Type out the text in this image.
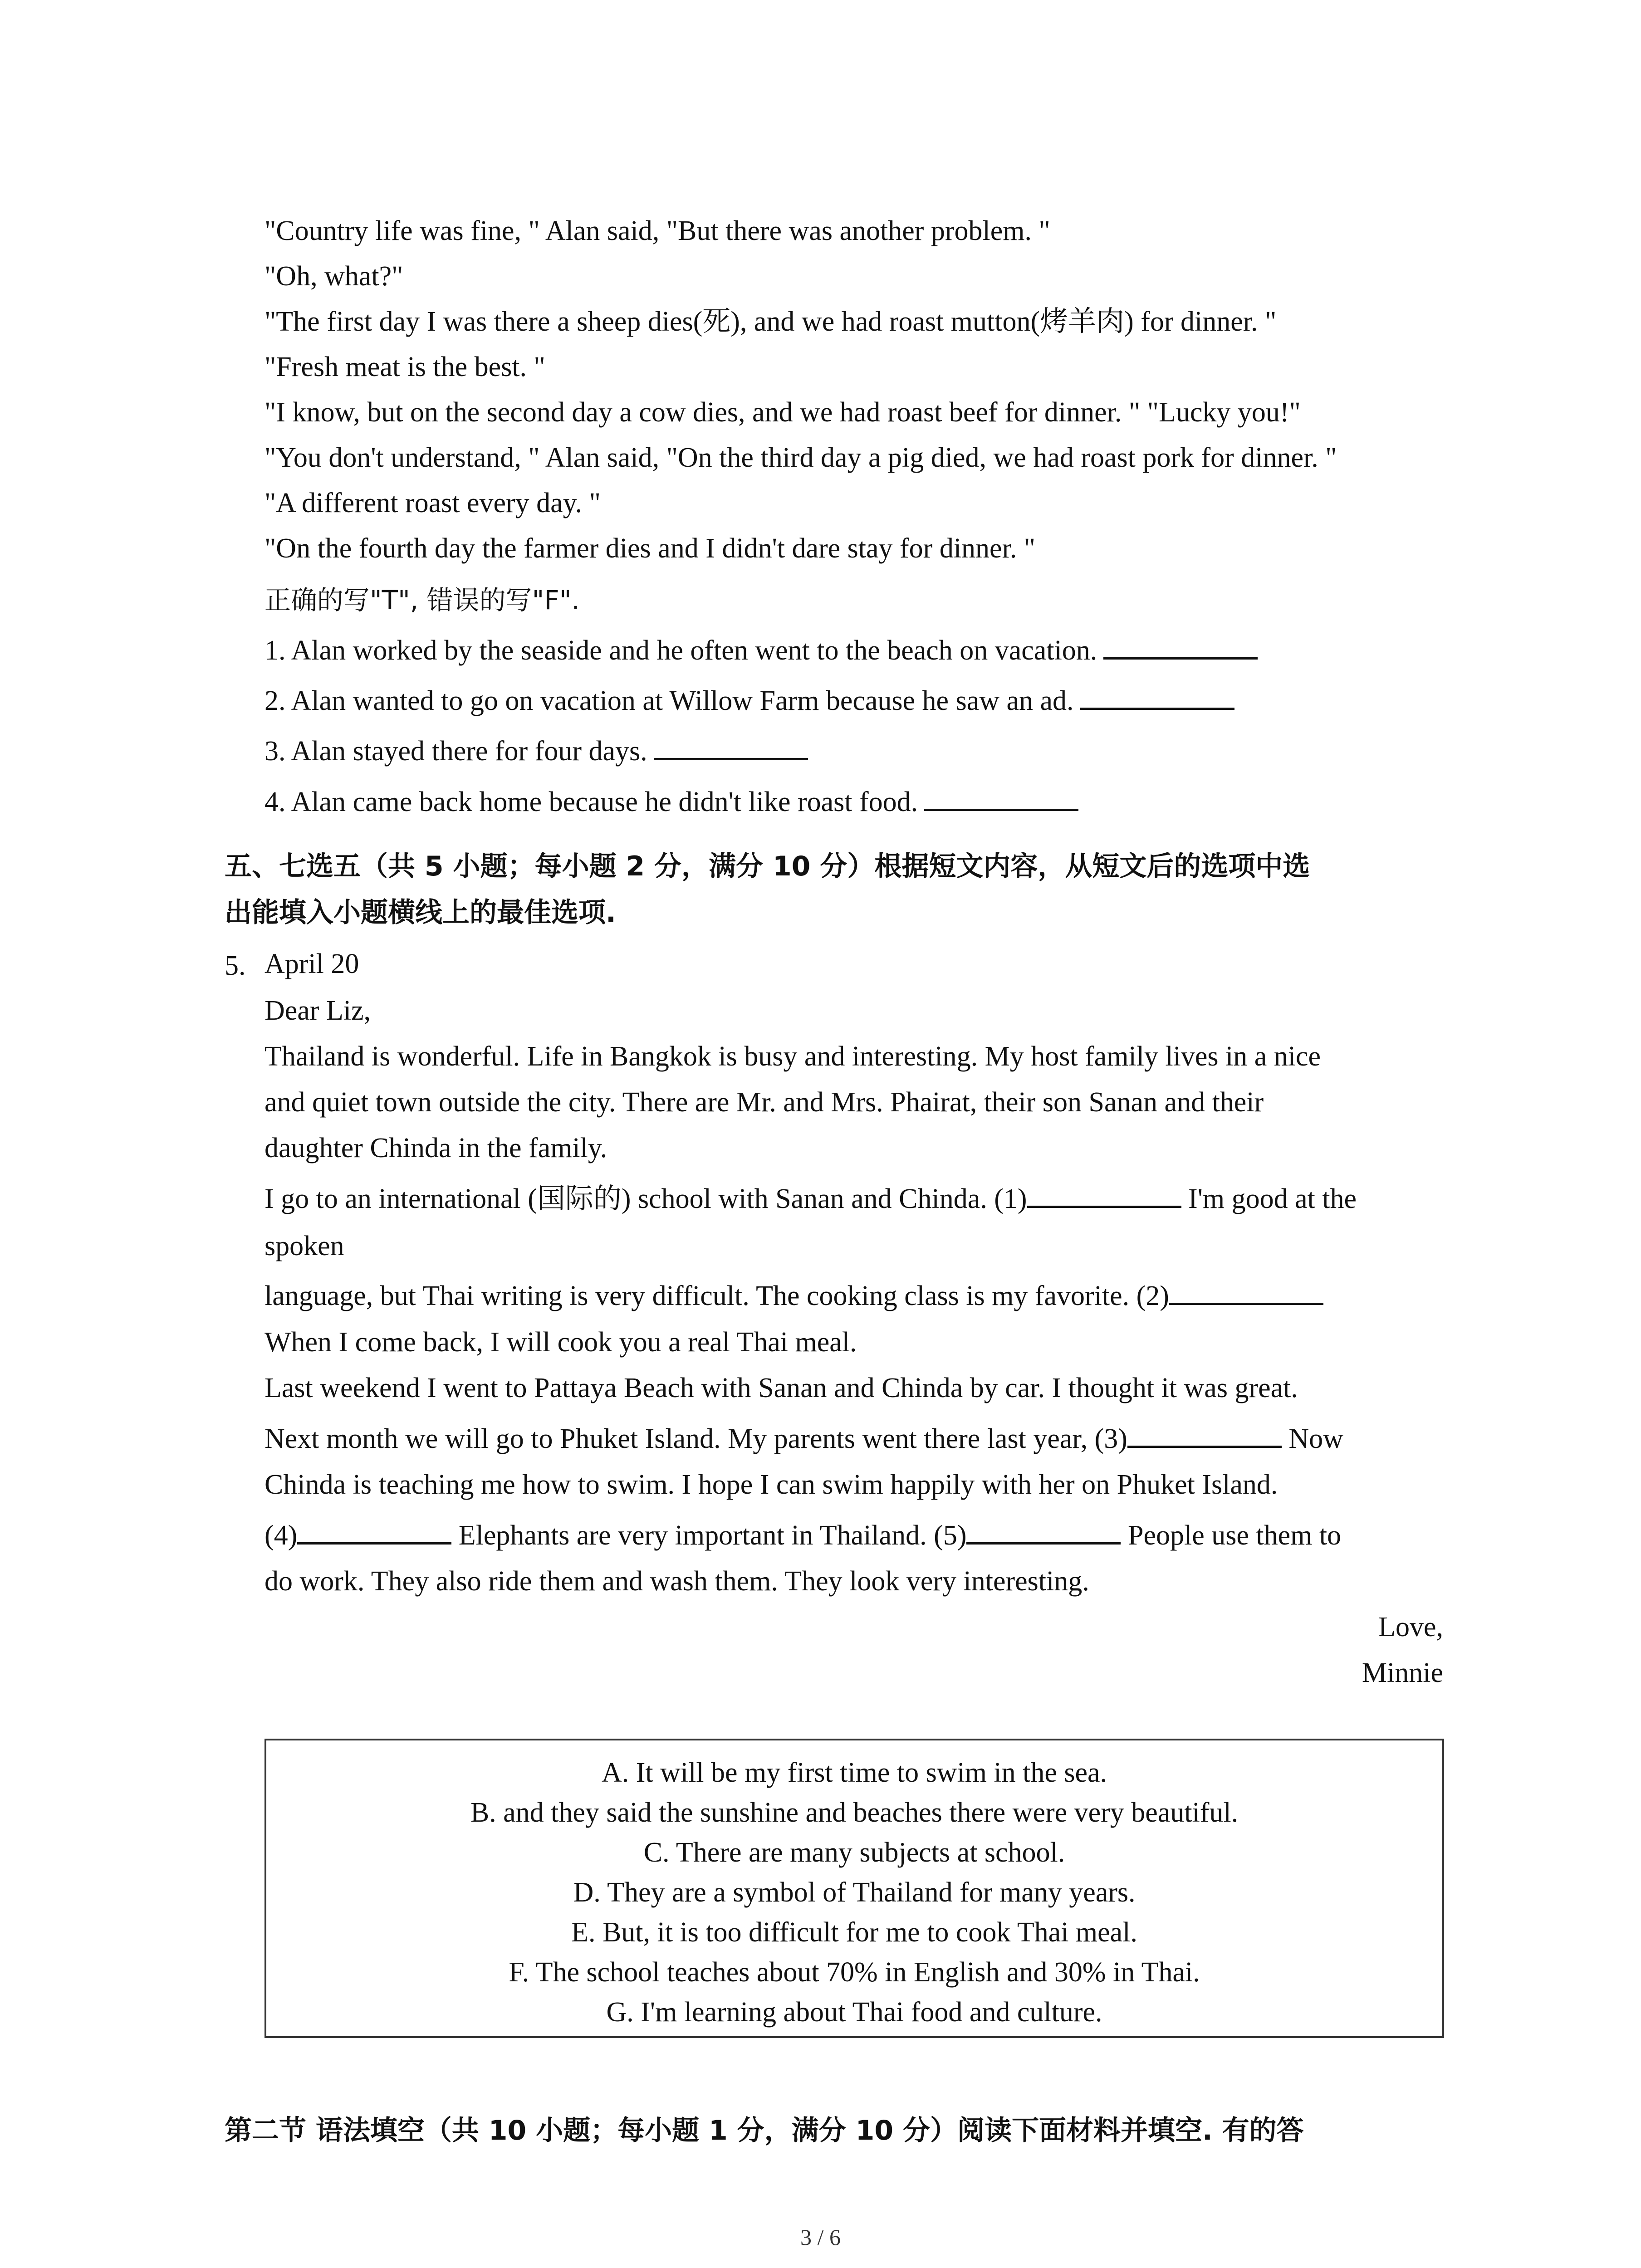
"Country life was fine, " Alan said, "But there was another problem. "
"Oh, what?"
"The first day I was there a sheep dies(死), and we had roast mutton(烤羊肉) for dinner. "
"Fresh meat is the best. "
"I know, but on the second day a cow dies, and we had roast beef for dinner. " "Lucky you!"
"You don't understand, " Alan said, "On the third day a pig died, we had roast pork for dinner. "
"A different roast every day. "
"On the fourth day the farmer dies and I didn't dare stay for dinner. "
正确的写"T", 错误的写"F".
1. Alan worked by the seaside and he often went to the beach on vacation.
2. Alan wanted to go on vacation at Willow Farm because he saw an ad.
3. Alan stayed there for four days.
4. Alan came back home because he didn't like roast food.
五、七选五（共 5 小题；每小题 2 分，满分 10 分）根据短文内容，从短文后的选项中选
出能填入小题横线上的最佳选项.
5. April 20
Dear Liz,
Thailand is wonderful. Life in Bangkok is busy and interesting. My host family lives in a nice
and quiet town outside the city. There are Mr. and Mrs. Phairat, their son Sanan and their
daughter Chinda in the family.
I go to an international (国际的) school with Sanan and Chinda. (1)	I'm good at the
spoken
language, but Thai writing is very difficult. The cooking class is my favorite. (2)
When I come back, I will cook you a real Thai meal.
Last weekend I went to Pattaya Beach with Sanan and Chinda by car. I thought it was great.
Next month we will go to Phuket Island. My parents went there last year, (3)	Now
Chinda is teaching me how to swim. I hope I can swim happily with her on Phuket Island.
(4)	Elephants are very important in Thailand. (5)	People use them to
do work. They also ride them and wash them. They look very interesting.
Love,
Minnie
A. It will be my first time to swim in the sea.
B. and they said the sunshine and beaches there were very beautiful.
C. There are many subjects at school.
D. They are a symbol of Thailand for many years.
E. But, it is too difficult for me to cook Thai meal.
F. The school teaches about 70% in English and 30% in Thai.
G. I'm learning about Thai food and culture.
第二节 语法填空（共 10 小题；每小题 1 分，满分 10 分）阅读下面材料并填空. 有的答
3 / 6
